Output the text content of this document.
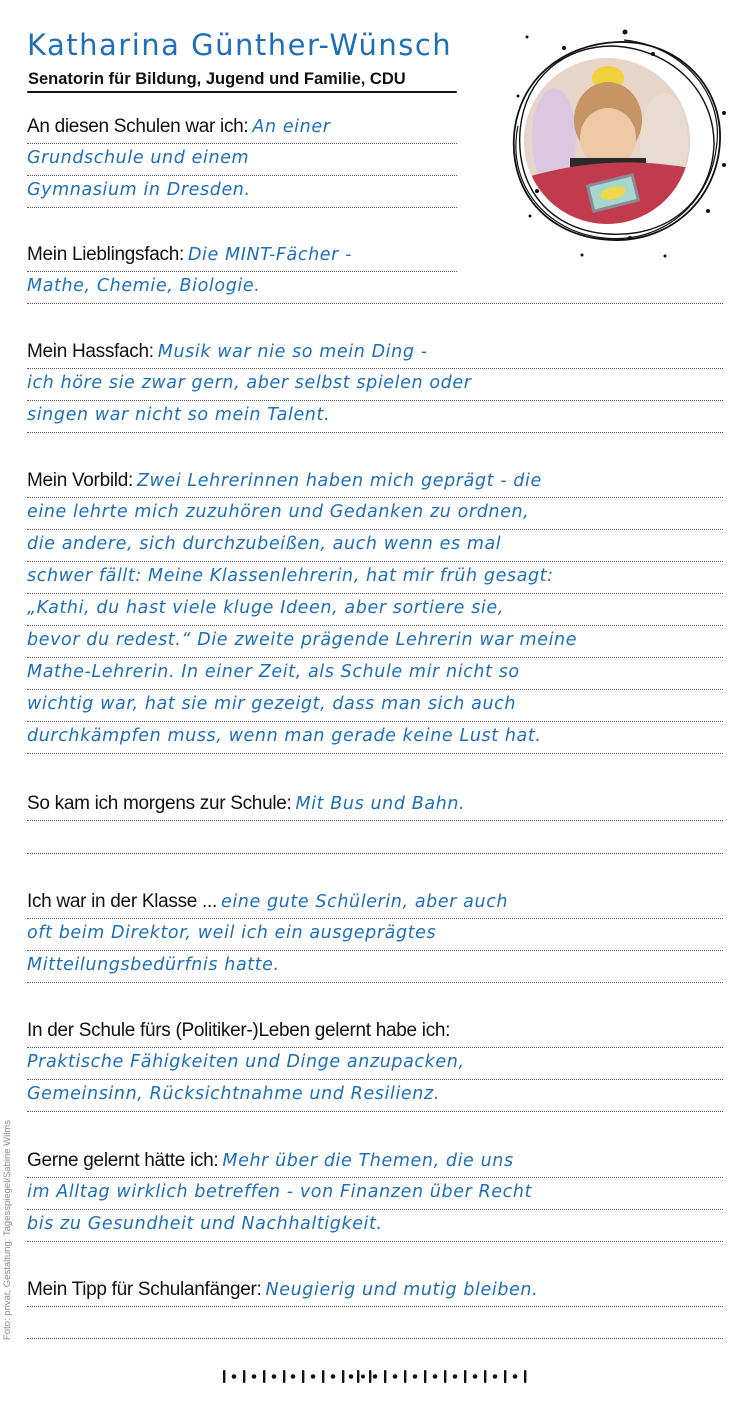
Katharina Günther-Wünsch
Senatorin für Bildung, Jugend und Familie, CDU
An diesen Schulen war ich: An einer
Grundschule und einem
Gymnasium in Dresden.
Mein Lieblingsfach: Die MINT-Fächer -
Mathe, Chemie, Biologie.
Mein Hassfach: Musik war nie so mein Ding -
ich höre sie zwar gern, aber selbst spielen oder
singen war nicht so mein Talent.
Mein Vorbild: Zwei Lehrerinnen haben mich geprägt - die
eine lehrte mich zuzuhören und Gedanken zu ordnen,
die andere, sich durchzubeißen, auch wenn es mal
schwer fällt: Meine Klassenlehrerin, hat mir früh gesagt:
„Kathi, du hast viele kluge Ideen, aber sortiere sie,
bevor du redest.“ Die zweite prägende Lehrerin war meine
Mathe-Lehrerin. In einer Zeit, als Schule mir nicht so
wichtig war, hat sie mir gezeigt, dass man sich auch
durchkämpfen muss, wenn man gerade keine Lust hat.
So kam ich morgens zur Schule: Mit Bus und Bahn.
Ich war in der Klasse ... eine gute Schülerin, aber auch
oft beim Direktor, weil ich ein ausgeprägtes
Mitteilungsbedürfnis hatte.
In der Schule fürs (Politiker-)Leben gelernt habe ich:
Praktische Fähigkeiten und Dinge anzupacken,
Gemeinsinn, Rücksichtnahme und Resilienz.
Gerne gelernt hätte ich: Mehr über die Themen, die uns
im Alltag wirklich betreffen - von Finanzen über Recht
bis zu Gesundheit und Nachhaltigkeit.
Mein Tipp für Schulanfänger: Neugierig und mutig bleiben.
Foto: privat, Gestaltung: Tagesspiegel/Sabine Wilms
